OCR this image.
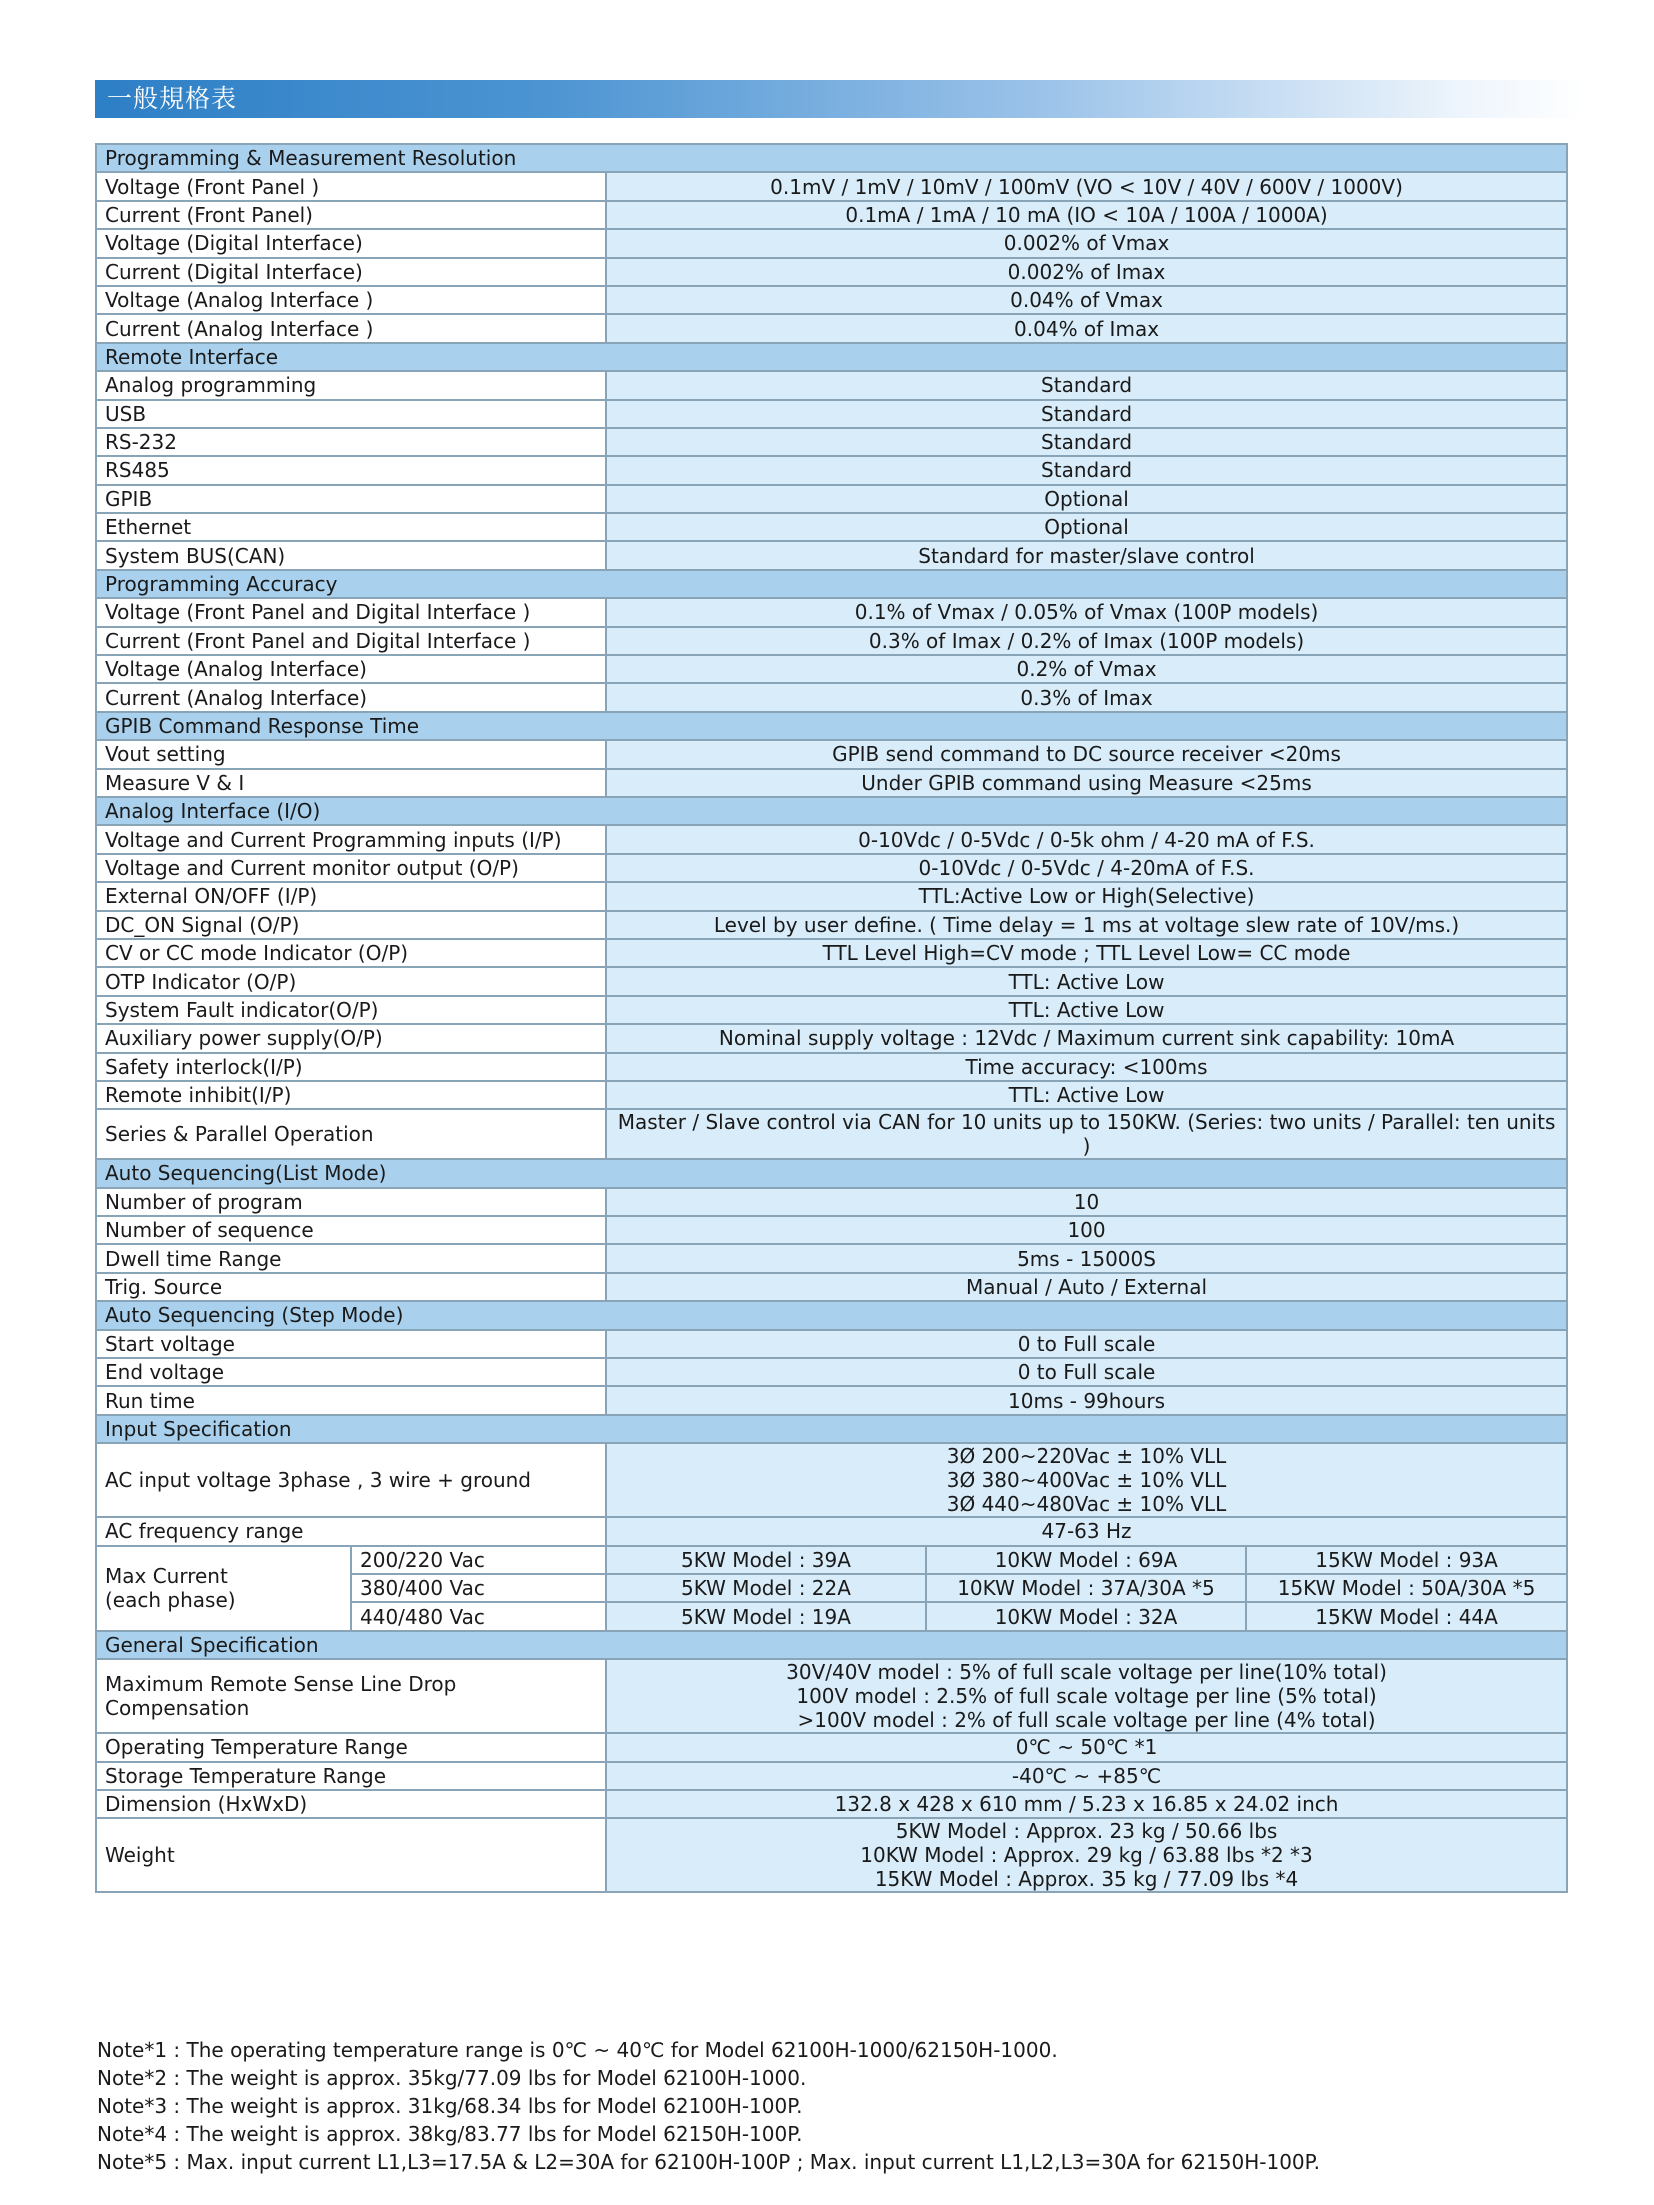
一般規格表
Programming & Measurement Resolution				
Voltage (Front Panel )		0.1mV / 1mV / 10mV / 100mV (VO < 10V / 40V / 600V / 1000V)		
Current (Front Panel)		0.1mA / 1mA / 10 mA (IO < 10A / 100A / 1000A)		
Voltage (Digital Interface)		0.002% of Vmax		
Current (Digital Interface)		0.002% of Imax		
Voltage (Analog Interface )		0.04% of Vmax		
Current (Analog Interface )		0.04% of Imax		
Remote Interface				
Analog programming		Standard		
USB		Standard		
RS-232		Standard		
RS485		Standard		
GPIB		Optional		
Ethernet		Optional		
System BUS(CAN)		Standard for master/slave control		
Programming Accuracy				
Voltage (Front Panel and Digital Interface )		0.1% of Vmax / 0.05% of Vmax (100P models)		
Current (Front Panel and Digital Interface )		0.3% of Imax / 0.2% of Imax (100P models)		
Voltage (Analog Interface)		0.2% of Vmax		
Current (Analog Interface)		0.3% of Imax		
GPIB Command Response Time				
Vout setting		GPIB send command to DC source receiver <20ms		
Measure V & I		Under GPIB command using Measure <25ms		
Analog Interface (I/O)				
Voltage and Current Programming inputs (I/P)		0-10Vdc / 0-5Vdc / 0-5k ohm / 4-20 mA of F.S.		
Voltage and Current monitor output (O/P)		0-10Vdc / 0-5Vdc / 4-20mA of F.S.		
External ON/OFF (I/P)		TTL:Active Low or High(Selective)		
DC_ON Signal (O/P)		Level by user define. ( Time delay = 1 ms at voltage slew rate of 10V/ms.)		
CV or CC mode Indicator (O/P)		TTL Level High=CV mode ; TTL Level Low= CC mode		
OTP Indicator (O/P)		TTL: Active Low		
System Fault indicator(O/P)		TTL: Active Low		
Auxiliary power supply(O/P)		Nominal supply voltage : 12Vdc / Maximum current sink capability: 10mA		
Safety interlock(I/P)		Time accuracy: <100ms		
Remote inhibit(I/P)		TTL: Active Low		
Series & Parallel Operation		Master / Slave control via CAN for 10 units up to 150KW. (Series: two units / Parallel: ten units )		
Auto Sequencing(List Mode)				
Number of program		10		
Number of sequence		100		
Dwell time Range		5ms - 15000S		
Trig. Source		Manual / Auto / External		
Auto Sequencing (Step Mode)				
Start voltage		0 to Full scale		
End voltage		0 to Full scale		
Run time		10ms - 99hours		
Input Specification				
AC input voltage 3phase , 3 wire + ground		3Ø 200~220Vac ± 10% VLL
3Ø 380~400Vac ± 10% VLL
3Ø 440~480Vac ± 10% VLL		

AC frequency range		47-63 Hz		

Max Current
(each phase)	200/220 Vac	5KW Model : 39A	10KW Model : 69A	15KW Model : 93A
	380/400 Vac	5KW Model : 22A	10KW Model : 37A/30A *5	15KW Model : 50A/30A *5
	440/480 Vac	5KW Model : 19A	10KW Model : 32A	15KW Model : 44A
General Specification				
Maximum Remote Sense Line Drop Compensation		30V/40V model : 5% of full scale voltage per line(10% total)
100V model : 2.5% of full scale voltage per line (5% total)
>100V model : 2% of full scale voltage per line (4% total)		

Operating Temperature Range		0℃ ~ 50℃ *1		
Storage Temperature Range		-40℃ ~ +85℃		
Dimension (HxWxD)		132.8 x 428 x 610 mm / 5.23 x 16.85 x 24.02 inch		
Weight		5KW Model : Approx. 23 kg / 50.66 lbs
10KW Model : Approx. 29 kg / 63.88 lbs *2 *3
15KW Model : Approx. 35 kg / 77.09 lbs *4		
Note*1 : The operating temperature range is 0℃ ~ 40℃ for Model 62100H-1000/62150H-1000.
Note*2 : The weight is approx. 35kg/77.09 lbs for Model 62100H-1000.
Note*3 : The weight is approx. 31kg/68.34 lbs for Model 62100H-100P.
Note*4 : The weight is approx. 38kg/83.77 lbs for Model 62150H-100P.
Note*5 : Max. input current L1,L3=17.5A & L2=30A for 62100H-100P ; Max. input current L1,L2,L3=30A for 62150H-100P.
